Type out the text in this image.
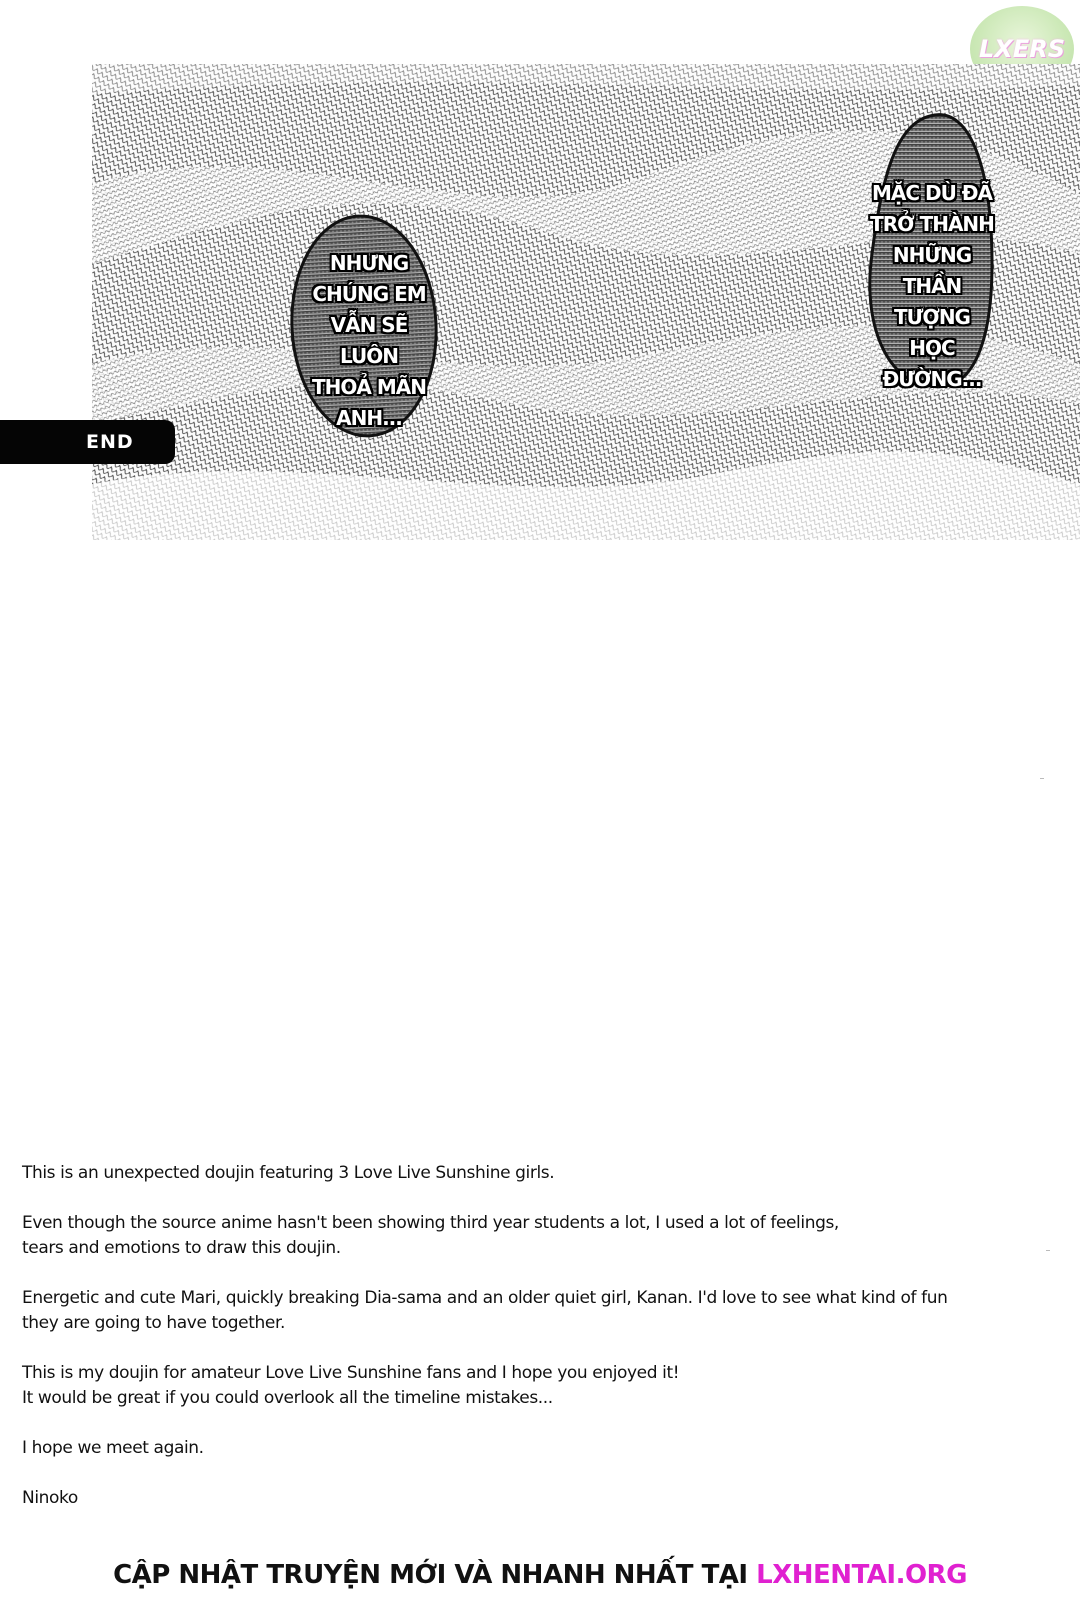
LXERS
END
NHƯNG
CHÚNG EM
VẪN SẼ LUÔN
THOẢ MÃN
ANH...
MẶC DÙ ĐÃ
TRỞ THÀNH
NHỮNG THẦN
TƯỢNG HỌC
ĐƯỜNG...

This is an unexpected doujin featuring 3 Love Live Sunshine girls.

Even though the source anime hasn't been showing third year students a lot, I used a lot of feelings,
tears and emotions to draw this doujin.

Energetic and cute Mari, quickly breaking Dia-sama and an older quiet girl, Kanan. I'd love to see what kind of fun
they are going to have together.

This is my doujin for amateur Love Live Sunshine fans and I hope you enjoyed it!
It would be great if you could overlook all the timeline mistakes...

I hope we meet again.

Ninoko

CẬP NHẬT TRUYỆN MỚI VÀ NHANH NHẤT TẠI LXHENTAI.ORG
